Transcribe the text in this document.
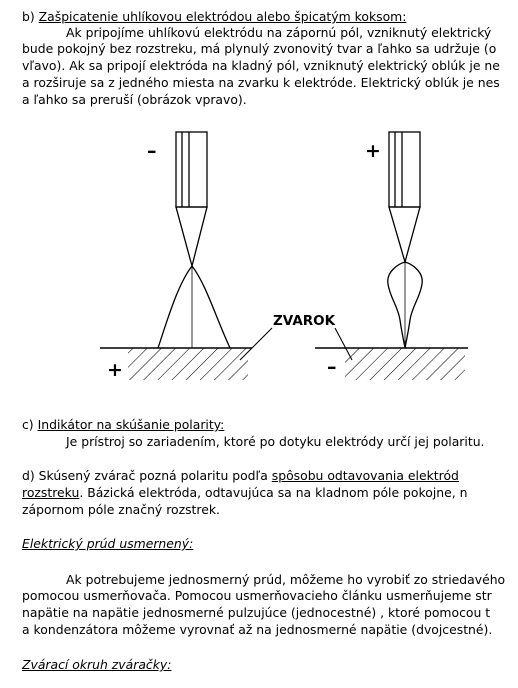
b) Zašpicatenie uhlíkovou elektródou alebo špicatým koksom:
Ak pripojíme uhlíkovú elektródu na zápornú pól, vzniknutý elektrický
bude pokojný bez rozstreku, má plynulý zvonovitý tvar a ľahko sa udržuje (o
vľavo). Ak sa pripojí elektróda na kladný pól, vzniknutý elektrický oblúk je ne
a rozširuje sa z jedného miesta na zvarku k elektróde. Elektrický oblúk je nes
a ľahko sa preruší (obrázok vpravo).
–	+
+	–
ZVAROK
c) Indikátor na skúšanie polarity:
Je prístroj so zariadením, ktoré po dotyku elektródy určí jej polaritu.
d) Skúsený zvárač pozná polaritu podľa spôsobu odtavovania elektród
rozstreku. Bázická elektróda, odtavujúca sa na kladnom póle pokojne, n
zápornom póle značný rozstrek.
Elektrický prúd usmernený:
Ak potrebujeme jednosmerný prúd, môžeme ho vyrobiť zo striedavého
pomocou usmerňovača. Pomocou usmerňovacieho článku usmerňujeme str
napätie na napätie jednosmerné pulzujúce (jednocestné) , ktoré pomocou t
a kondenzátora môžeme vyrovnať až na jednosmerné napätie (dvojcestné).
Zvárací okruh zváračky:
